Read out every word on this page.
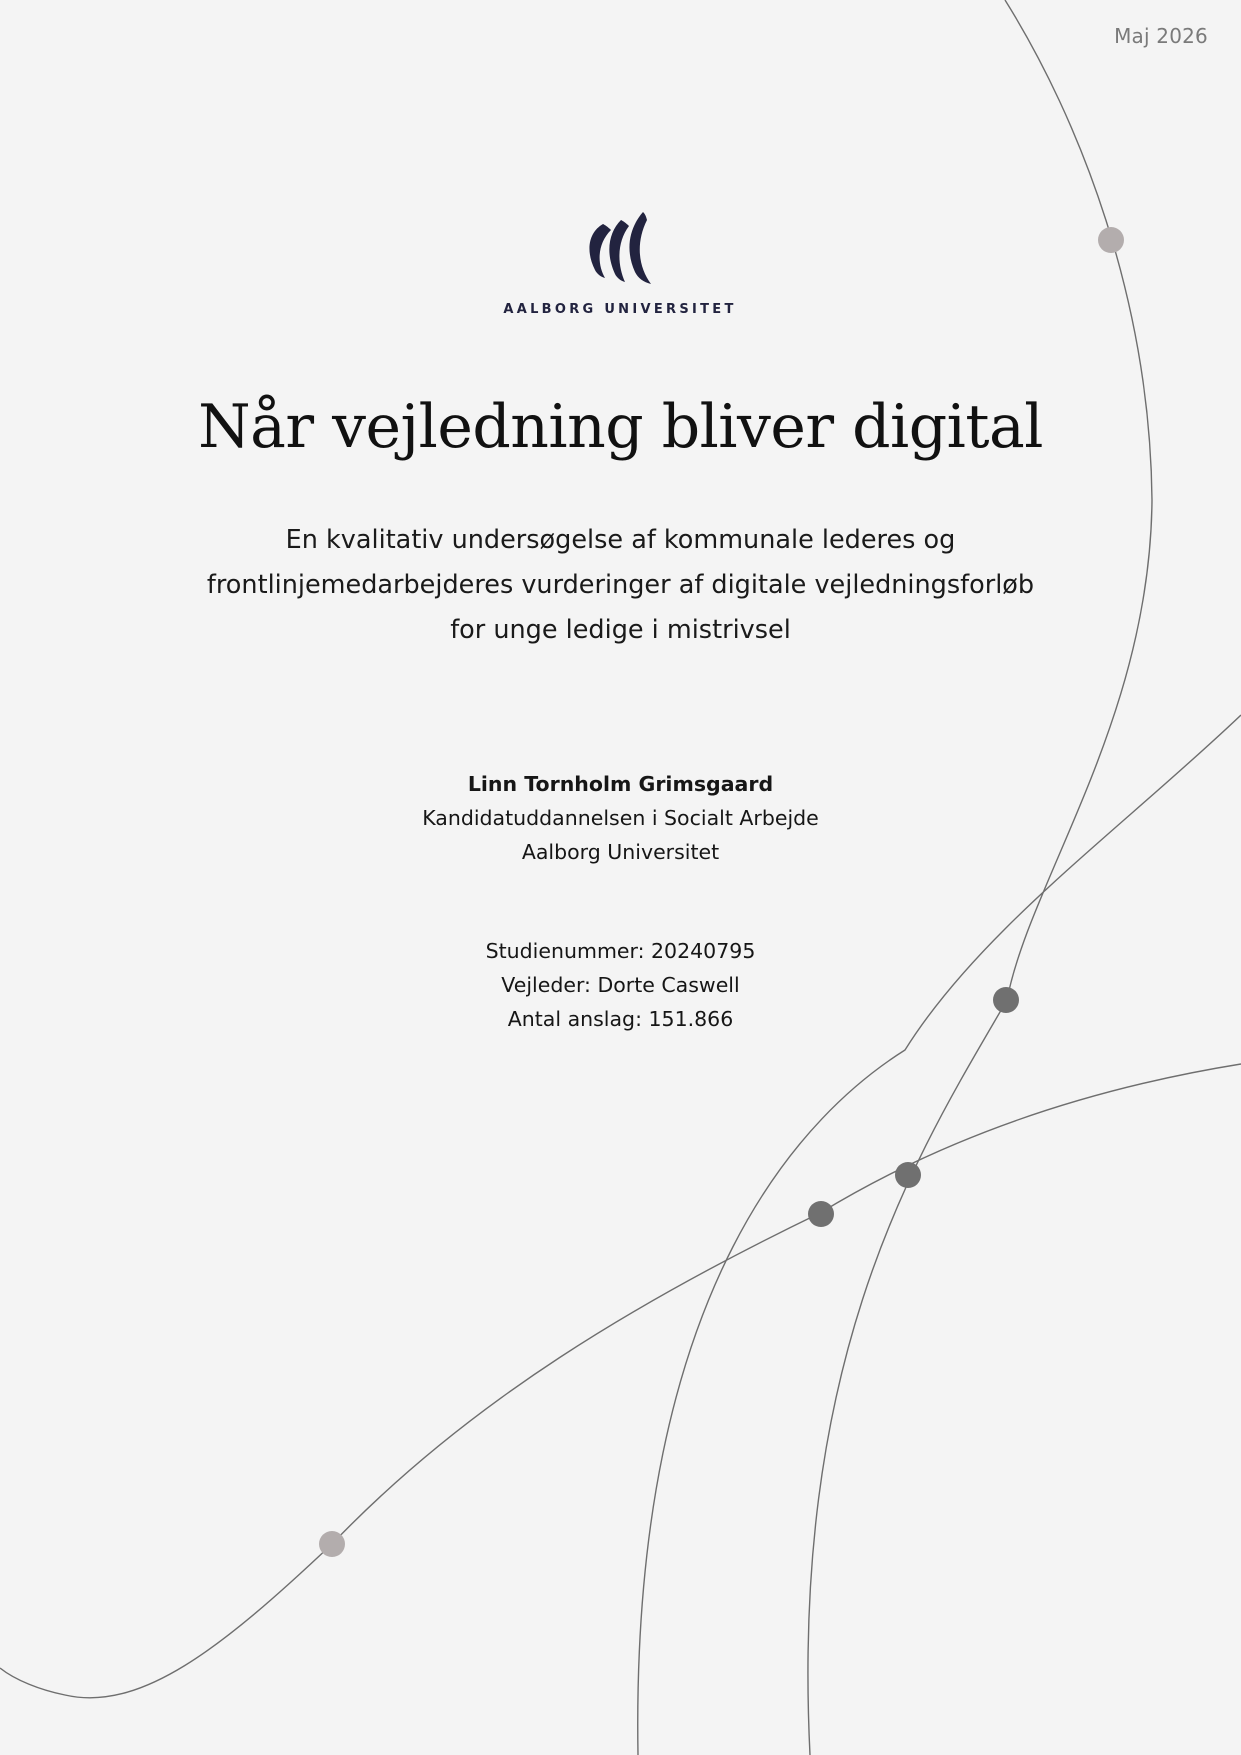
Maj 2026
AALBORG UNIVERSITET
Når vejledning bliver digital

En kvalitativ undersøgelse af kommunale lederes og
frontlinjemedarbejderes vurderinger af digitale vejledningsforløb
for unge ledige i mistrivsel

Linn Tornholm Grimsgaard
Kandidatuddannelsen i Socialt Arbejde
Aalborg Universitet
Studienummer: 20240795
Vejleder: Dorte Caswell
Antal anslag: 151.866
